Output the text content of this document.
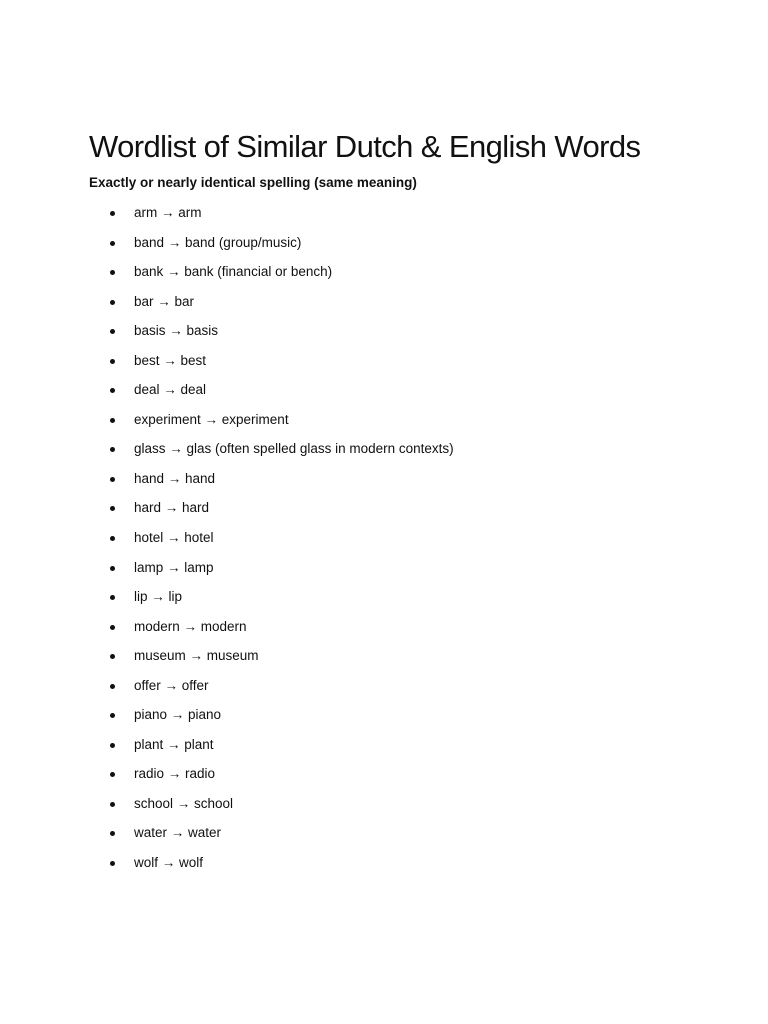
Wordlist of Similar Dutch & English Words
Exactly or nearly identical spelling (same meaning)
arm → arm
band → band (group/music)
bank → bank (financial or bench)
bar → bar
basis → basis
best → best
deal → deal
experiment → experiment
glass → glas (often spelled glass in modern contexts)
hand → hand
hard → hard
hotel → hotel
lamp → lamp
lip → lip
modern → modern
museum → museum
offer → offer
piano → piano
plant → plant
radio → radio
school → school
water → water
wolf → wolf
